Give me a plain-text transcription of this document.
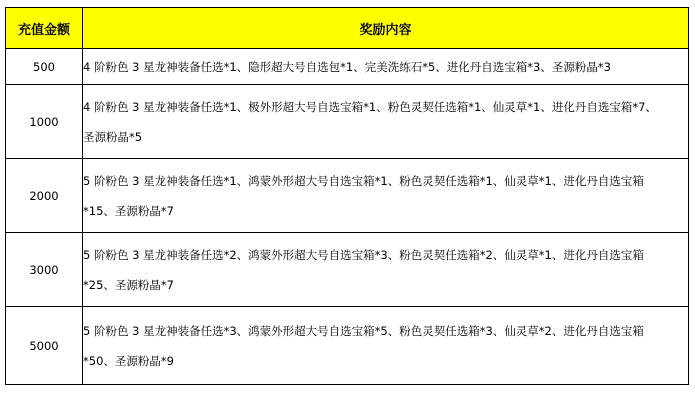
充值金额	奖励内容
500	4 阶粉色 3 星龙神装备任选*1、隐形超大号自选包*1、完美洗练石*5、进化丹自选宝箱*3、圣源粉晶*3

1000	4 阶粉色 3 星龙神装备任选*1、极外形超大号自选宝箱*1、粉色灵契任选箱*1、仙灵草*1、进化丹自选宝箱*7、
圣源粉晶*5

2000	5 阶粉色 3 星龙神装备任选*1、鸿蒙外形超大号自选宝箱*1、粉色灵契任选箱*1、仙灵草*1、进化丹自选宝箱
*15、圣源粉晶*7

3000	5 阶粉色 3 星龙神装备任选*2、鸿蒙外形超大号自选宝箱*3、粉色灵契任选箱*2、仙灵草*1、进化丹自选宝箱
*25、圣源粉晶*7

5000	5 阶粉色 3 星龙神装备任选*3、鸿蒙外形超大号自选宝箱*5、粉色灵契任选箱*3、仙灵草*2、进化丹自选宝箱
*50、圣源粉晶*9
